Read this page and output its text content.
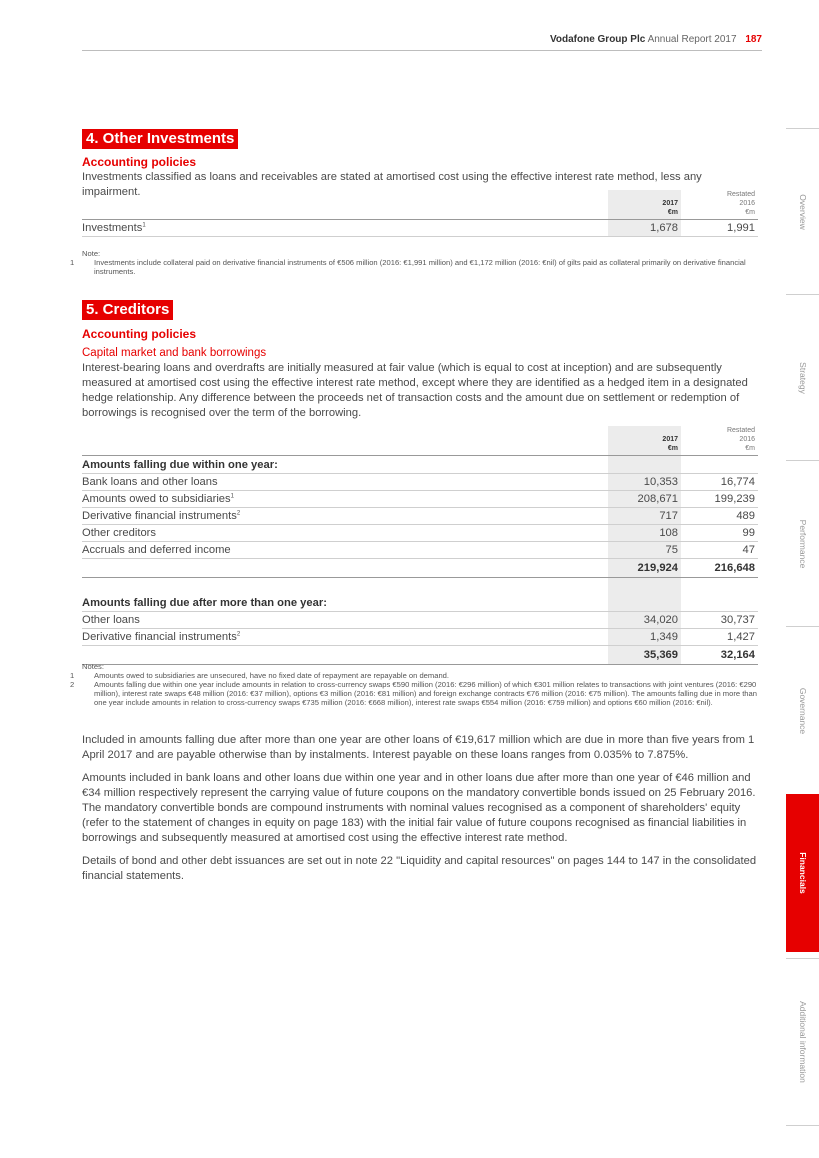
Vodafone Group Plc Annual Report 2017 187
4. Other Investments
Accounting policies
Investments classified as loans and receivables are stated at amortised cost using the effective interest rate method, less any impairment.

2017
€m		Restated
2016
€m
Investments$^1$	1,678		1,991
Note:
1	Investments include collateral paid on derivative financial instruments of €506 million (2016: €1,991 million) and €1,172 million (2016: €nil) of gilts paid as collateral primarily on derivative financial instruments.
5. Creditors
Accounting policies
Capital market and bank borrowings
Interest-bearing loans and overdrafts are initially measured at fair value (which is equal to cost at inception) and are subsequently measured at amortised cost using the effective interest rate method, except where they are identified as a hedged item in a designated hedge relationship. Any difference between the proceeds net of transaction costs and the amount due on settlement or redemption of borrowings is recognised over the term of the borrowing.

2017
€m		Restated
2016
€m
Amounts falling due within one year:			
Bank loans and other loans	10,353		16,774
Amounts owed to subsidiaries$^1$	208,671		199,239
Derivative financial instruments$^2$	717		489
Other creditors	108		99
Accruals and deferred income	75		47
	219,924		216,648

Amounts falling due after more than one year:			
Other loans	34,020		30,737
Derivative financial instruments$^2$	1,349		1,427
	35,369		32,164
Notes:
1	Amounts owed to subsidiaries are unsecured, have no fixed date of repayment are repayable on demand.
2	Amounts falling due within one year include amounts in relation to cross-currency swaps €590 million (2016: €296 million) of which €301 million relates to transactions with joint ventures (2016: €290 million), interest rate swaps €48 million (2016: €37 million), options €3 million (2016: €81 million) and foreign exchange contracts €76 million (2016: €75 million). The amounts falling due in more than one year include amounts in relation to cross-currency swaps €735 million (2016: €668 million), interest rate swaps €554 million (2016: €759 million) and options €60 million (2016: €nil).
Included in amounts falling due after more than one year are other loans of €19,617 million which are due in more than five years from 1 April 2017 and are payable otherwise than by instalments. Interest payable on these loans ranges from 0.035% to 7.875%.
Amounts included in bank loans and other loans due within one year and in other loans due after more than one year of €46 million and €34 million respectively represent the carrying value of future coupons on the mandatory convertible bonds issued on 25 February 2016. The mandatory convertible bonds are compound instruments with nominal values recognised as a component of shareholders' equity (refer to the statement of changes in equity on page 183) with the initial fair value of future coupons recognised as financial liabilities in borrowings and subsequently measured at amortised cost using the effective interest rate method.
Details of bond and other debt issuances are set out in note 22 "Liquidity and capital resources" on pages 144 to 147 in the consolidated financial statements.
Overview
Strategy
Performance
Governance
Financials
Additional information
